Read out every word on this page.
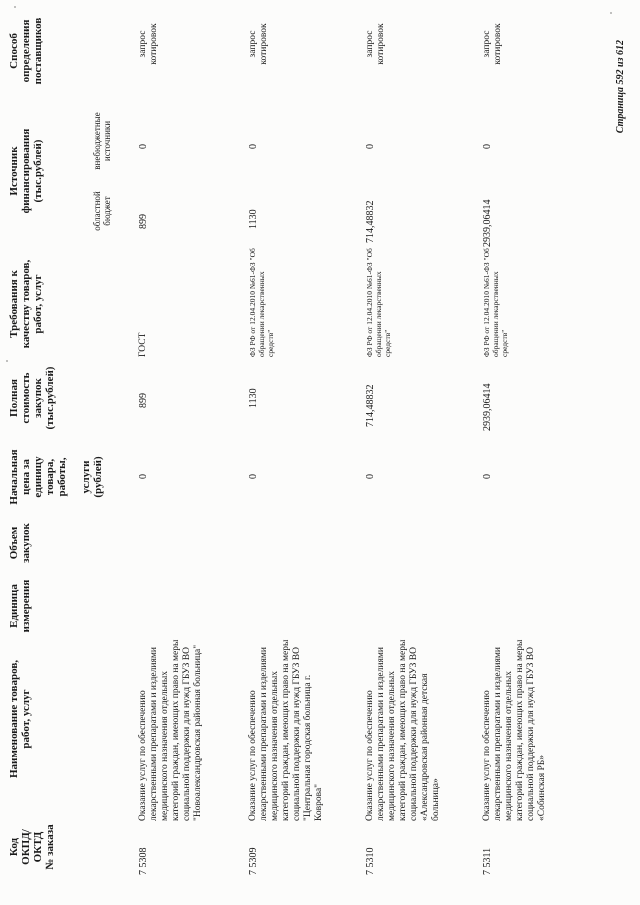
Код
ОКПД/
ОКТД
№ заказа
Наименование товаров,
работ, услуг
Единица
измерения
Объем
закупок
Начальная
цена за
единицу
товара,
работы,

услуги
(рублей)
Полная
стоимость
закупок
(тыс.рублей)
Требования к
качеству товаров,
работ, услуг
Источник
финансирования
(тыс.рублей)
областной
бюджет
внебюджетные
источники
Способ
определения
поставщиков
7 5308
Оказание услуг по обеспечению лекарственными препаратами и изделиями медицинского назначения отдельных категорий граждан, имеющих право на меры социальной поддержки для нужд ГБУЗ ВО "Новоалександровская районная больница"
0
899
ГОСТ
899
0
запрос
котировок
7 5309
Оказание услуг по обеспечению лекарственными препаратами и изделиями медицинского назначения отдельных категорий граждан, имеющих право на меры социальной поддержки для нужд ГБУЗ ВО "Центральная городская больница г. Коврова"
0
1130
ФЗ РФ от 12.04.2010 №61-ФЗ "Об обращении лекарственных средств"
1130
0
запрос
котировок
7 5310
Оказание услуг по обеспечению лекарственными препаратами и изделиями медицинского назначения отдельных категорий граждан, имеющих право на меры социальной поддержки для нужд ГБУЗ ВО «Александровская районная детская больница»
0
714,48832
ФЗ РФ от 12.04.2010 №61-ФЗ "Об обращении лекарственных средств"
714,48832
0
запрос
котировок
7 5311
Оказание услуг по обеспечению лекарственными препаратами и изделиями медицинского назначения отдельных категорий граждан, имеющих право на меры социальной поддержки для нужд ГБУЗ ВО «Собинская РБ»
0
2939,06414
ФЗ РФ от 12.04.2010 №61-ФЗ "Об обращении лекарственных средств"
2939,06414
0
запрос
котировок	Страница 592 из 612
